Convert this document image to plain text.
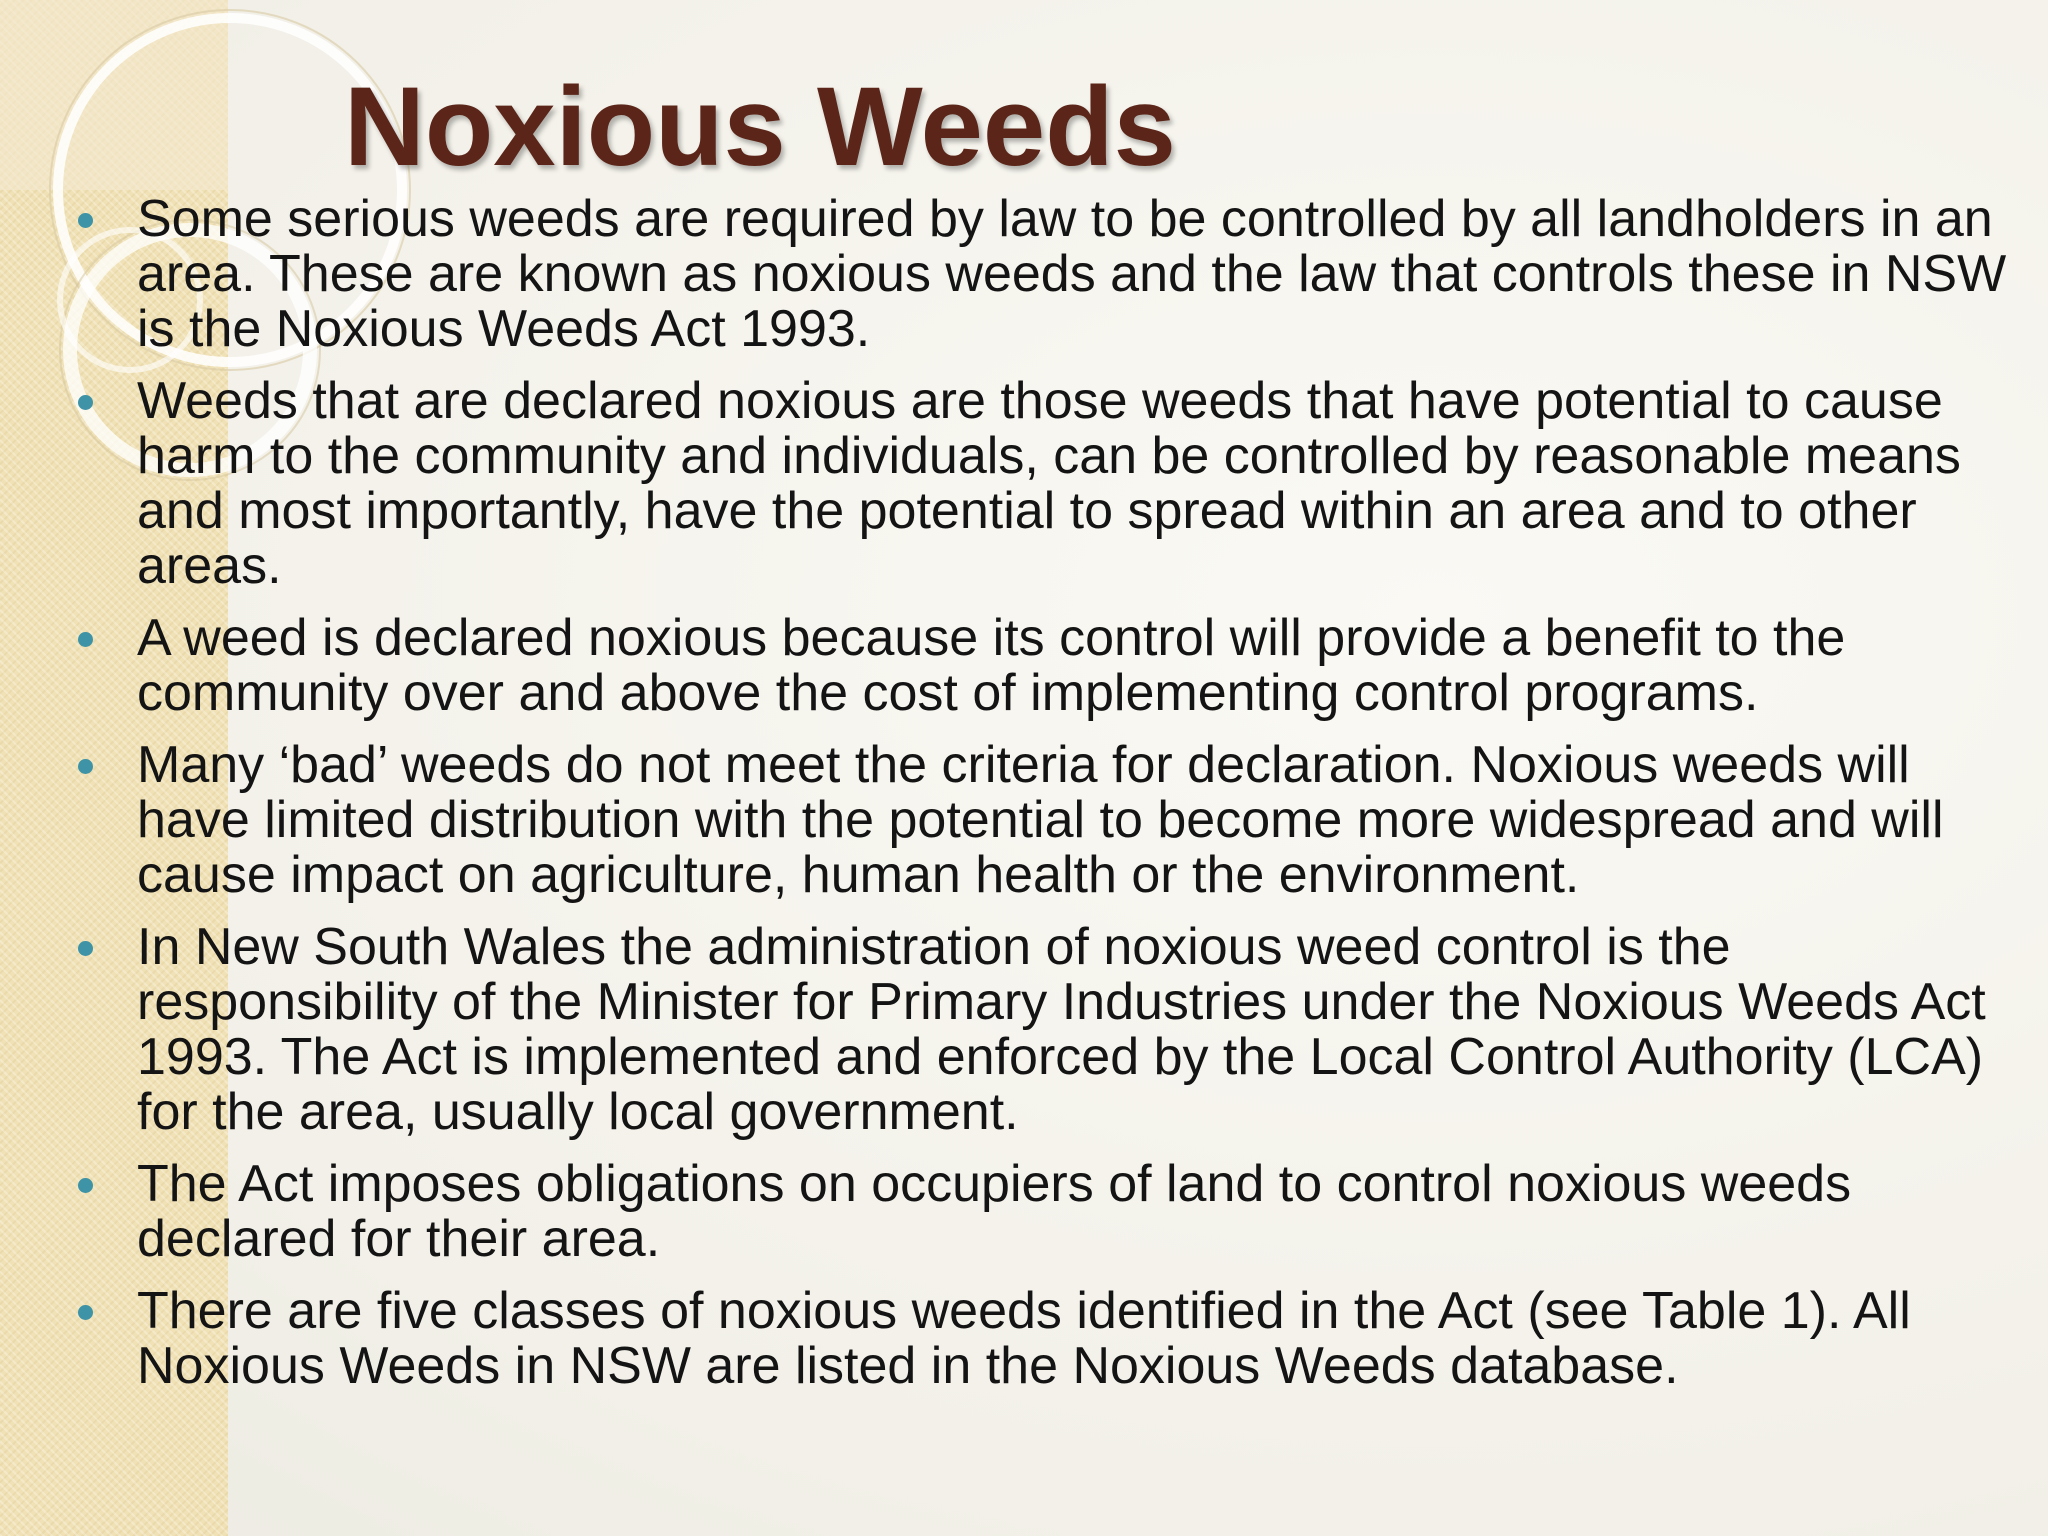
Noxious Weeds
Some serious weeds are required by law to be controlled by all landholders in an area. These are known as noxious weeds and the law that controls these in NSW is the Noxious Weeds Act 1993.
Weeds that are declared noxious are those weeds that have potential to cause harm to the community and individuals, can be controlled by reasonable means and most importantly, have the potential to spread within an area and to other areas.
A weed is declared noxious because its control will provide a benefit to the community over and above the cost of implementing control programs.
Many ‘bad’ weeds do not meet the criteria for declaration. Noxious weeds will have limited distribution with the potential to become more widespread and will cause impact on agriculture, human health or the environment.
In New South Wales the administration of noxious weed control is the responsibility of the Minister for Primary Industries under the Noxious Weeds Act 1993. The Act is implemented and enforced by the Local Control Authority (LCA) for the area, usually local government.
The Act imposes obligations on occupiers of land to control noxious weeds declared for their area.
There are five classes of noxious weeds identified in the Act (see Table 1). All Noxious Weeds in NSW are listed in the Noxious Weeds database.
